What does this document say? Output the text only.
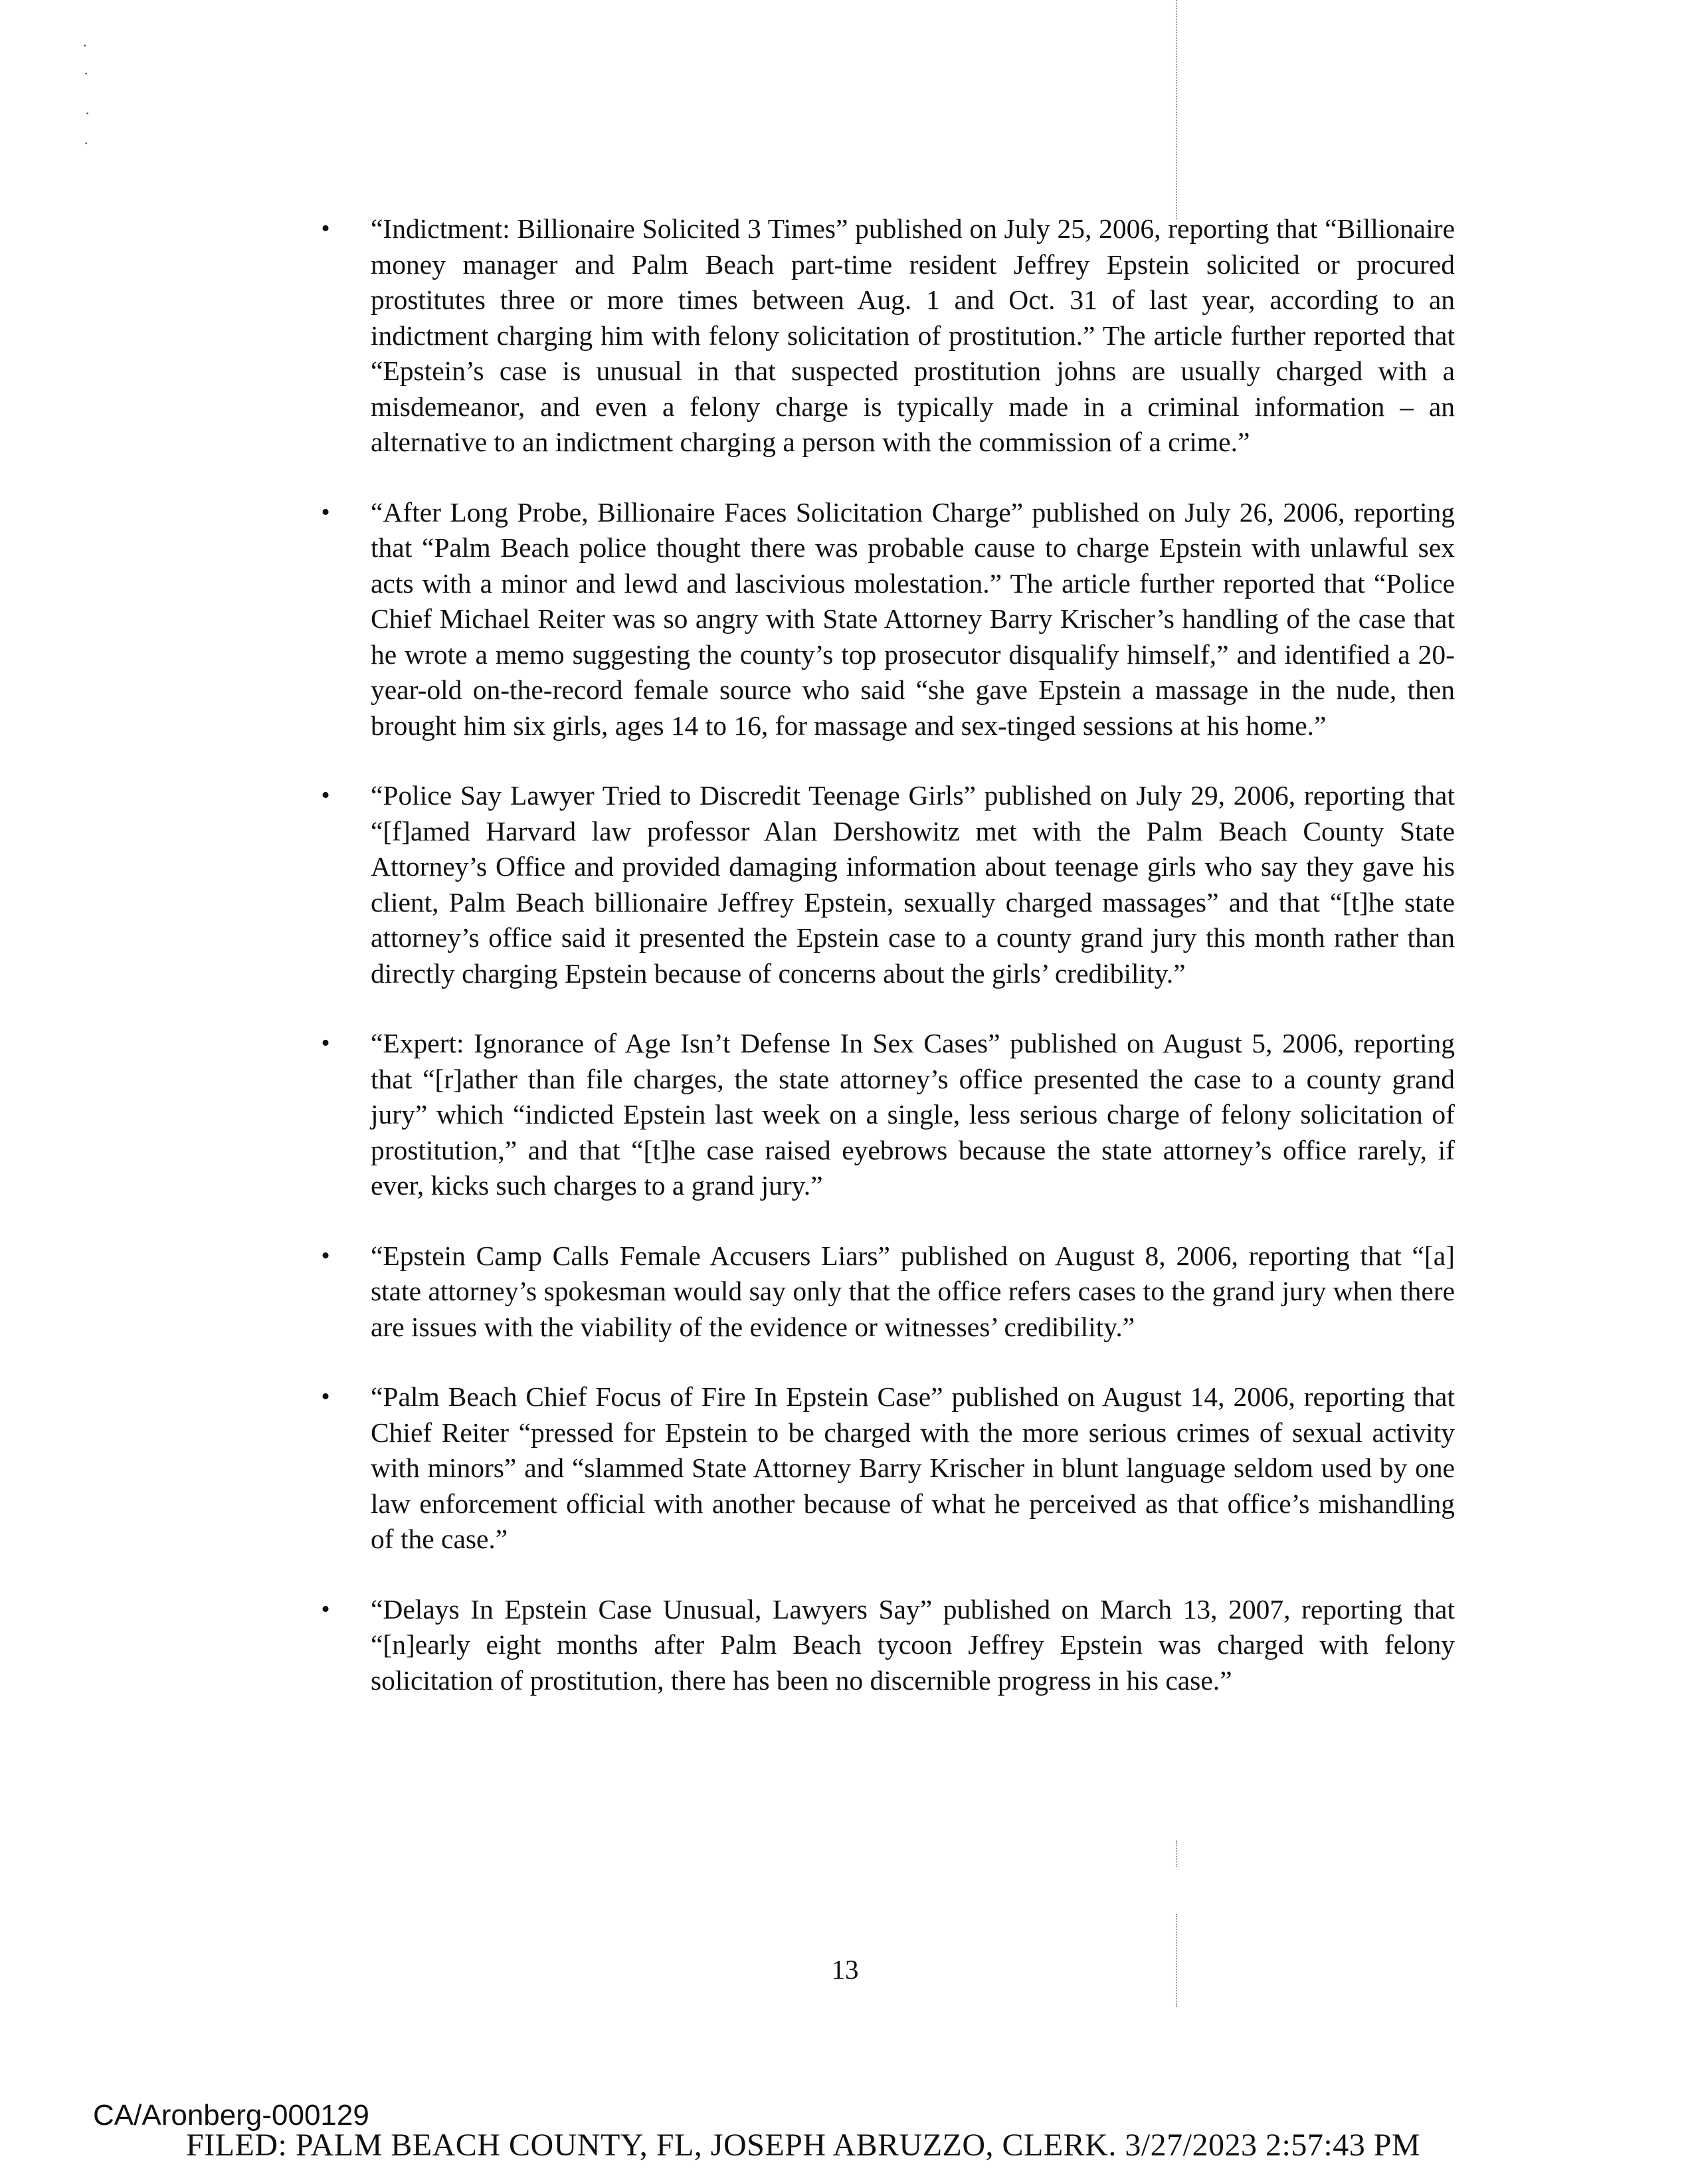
·
·
·
·
•	“Indictment: Billionaire Solicited 3 Times” published on July 25, 2006, reporting that “Billionaire money manager and Palm Beach part-time resident Jeffrey Epstein solicited or procured prostitutes three or more times between Aug. 1 and Oct. 31 of last year, according to an indictment charging him with felony solicitation of prostitution.” The article further reported that “Epstein’s case is unusual in that suspected prostitution johns are usually charged with a misdemeanor, and even a felony charge is typically made in a criminal information – an alternative to an indictment charging a person with the commission of a crime.”
•	“After Long Probe, Billionaire Faces Solicitation Charge” published on July 26, 2006, reporting that “Palm Beach police thought there was probable cause to charge Epstein with unlawful sex acts with a minor and lewd and lascivious molestation.” The article further reported that “Police Chief Michael Reiter was so angry with State Attorney Barry Krischer’s handling of the case that he wrote a memo suggesting the county’s top prosecutor disqualify himself,” and identified a 20-year-old on-the-record female source who said “she gave Epstein a massage in the nude, then brought him six girls, ages 14 to 16, for massage and sex-tinged sessions at his home.”
•	“Police Say Lawyer Tried to Discredit Teenage Girls” published on July 29, 2006, reporting that “[f]amed Harvard law professor Alan Dershowitz met with the Palm Beach County State Attorney’s Office and provided damaging information about teenage girls who say they gave his client, Palm Beach billionaire Jeffrey Epstein, sexually charged massages” and that “[t]he state attorney’s office said it presented the Epstein case to a county grand jury this month rather than directly charging Epstein because of concerns about the girls’ credibility.”
•	“Expert: Ignorance of Age Isn’t Defense In Sex Cases” published on August 5, 2006, reporting that “[r]ather than file charges, the state attorney’s office presented the case to a county grand jury” which “indicted Epstein last week on a single, less serious charge of felony solicitation of prostitution,” and that “[t]he case raised eyebrows because the state attorney’s office rarely, if ever, kicks such charges to a grand jury.”
•	“Epstein Camp Calls Female Accusers Liars” published on August 8, 2006, reporting that “[a] state attorney’s spokesman would say only that the office refers cases to the grand jury when there are issues with the viability of the evidence or witnesses’ credibility.”
•	“Palm Beach Chief Focus of Fire In Epstein Case” published on August 14, 2006, reporting that Chief Reiter “pressed for Epstein to be charged with the more serious crimes of sexual activity with minors” and “slammed State Attorney Barry Krischer in blunt language seldom used by one law enforcement official with another because of what he perceived as that office’s mishandling of the case.”
•	“Delays In Epstein Case Unusual, Lawyers Say” published on March 13, 2007, reporting that “[n]early eight months after Palm Beach tycoon Jeffrey Epstein was charged with felony solicitation of prostitution, there has been no discernible progress in his case.”
13
CA/Aronberg-000129
FILED: PALM BEACH COUNTY, FL, JOSEPH ABRUZZO, CLERK. 3/27/2023 2:57:43 PM
